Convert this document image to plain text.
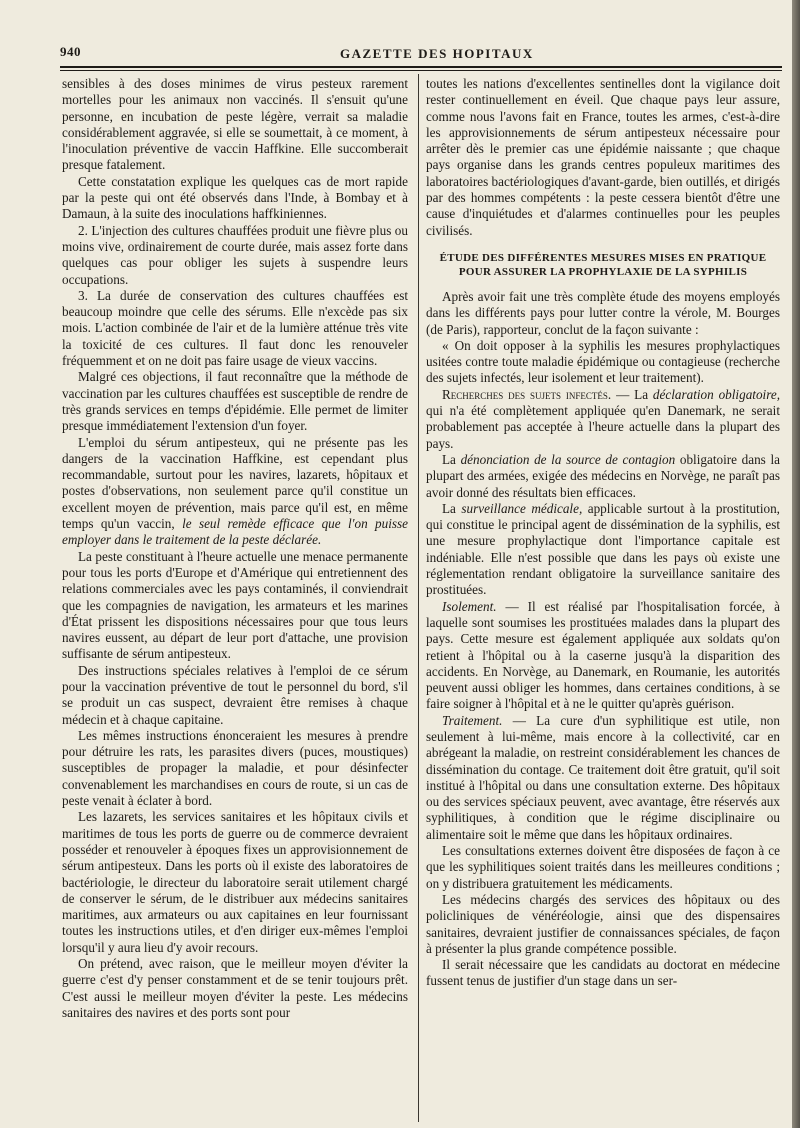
940	GAZETTE DES HOPITAUX

sensibles à des doses minimes de virus pesteux rarement mortelles pour les animaux non vaccinés. Il s'ensuit qu'une personne, en incubation de peste légère, verrait sa maladie considérablement aggravée, si elle se soumettait, à ce moment, à l'inoculation préventive de vaccin Haffkine. Elle succomberait presque fatalement.

Cette constatation explique les quelques cas de mort rapide par la peste qui ont été observés dans l'Inde, à Bombay et à Damaun, à la suite des inoculations haffkiniennes.

2. L'injection des cultures chauffées produit une fièvre plus ou moins vive, ordinairement de courte durée, mais assez forte dans quelques cas pour obliger les sujets à suspendre leurs occupations.

3. La durée de conservation des cultures chauffées est beaucoup moindre que celle des sérums. Elle n'excède pas six mois. L'action combinée de l'air et de la lumière atténue très vite la toxicité de ces cultures. Il faut donc les renouveler fréquemment et on ne doit pas faire usage de vieux vaccins.

Malgré ces objections, il faut reconnaître que la méthode de vaccination par les cultures chauffées est susceptible de rendre de très grands services en temps d'épidémie. Elle permet de limiter presque immédiatement l'extension d'un foyer.

L'emploi du sérum antipesteux, qui ne présente pas les dangers de la vaccination Haffkine, est cependant plus recommandable, surtout pour les navires, lazarets, hôpitaux et postes d'observations, non seulement parce qu'il constitue un excellent moyen de prévention, mais parce qu'il est, en même temps qu'un vaccin, le seul remède efficace que l'on puisse employer dans le traitement de la peste déclarée.

La peste constituant à l'heure actuelle une menace permanente pour tous les ports d'Europe et d'Amérique qui entretiennent des relations commerciales avec les pays contaminés, il conviendrait que les compagnies de navigation, les armateurs et les marines d'État prissent les dispositions nécessaires pour que tous leurs navires eussent, au départ de leur port d'attache, une provision suffisante de sérum antipesteux.

Des instructions spéciales relatives à l'emploi de ce sérum pour la vaccination préventive de tout le personnel du bord, s'il se produit un cas suspect, devraient être remises à chaque médecin et à chaque capitaine.

Les mêmes instructions énonceraient les mesures à prendre pour détruire les rats, les parasites divers (puces, moustiques) susceptibles de propager la maladie, et pour désinfecter convenablement les marchandises en cours de route, si un cas de peste venait à éclater à bord.

Les lazarets, les services sanitaires et les hôpitaux civils et maritimes de tous les ports de guerre ou de commerce devraient posséder et renouveler à époques fixes un approvisionnement de sérum antipesteux. Dans les ports où il existe des laboratoires de bactériologie, le directeur du laboratoire serait utilement chargé de conserver le sérum, de le distribuer aux médecins sanitaires maritimes, aux armateurs ou aux capitaines en leur fournissant toutes les instructions utiles, et d'en diriger eux-mêmes l'emploi lorsqu'il y aura lieu d'y avoir recours.

On prétend, avec raison, que le meilleur moyen d'éviter la guerre c'est d'y penser constamment et de se tenir toujours prêt. C'est aussi le meilleur moyen d'éviter la peste. Les médecins sanitaires des navires et des ports sont pour

toutes les nations d'excellentes sentinelles dont la vigilance doit rester continuellement en éveil. Que chaque pays leur assure, comme nous l'avons fait en France, toutes les armes, c'est-à-dire les approvisionnements de sérum antipesteux nécessaire pour arrêter dès le premier cas une épidémie naissante ; que chaque pays organise dans les grands centres populeux maritimes des laboratoires bactériologiques d'avant-garde, bien outillés, et dirigés par des hommes compétents : la peste cessera bientôt d'être une cause d'inquiétudes et d'alarmes continuelles pour les peuples civilisés.

ÉTUDE DES DIFFÉRENTES MESURES MISES EN PRATIQUE POUR ASSURER LA PROPHYLAXIE DE LA SYPHILIS

Après avoir fait une très complète étude des moyens employés dans les différents pays pour lutter contre la vérole, M. Bourges (de Paris), rapporteur, conclut de la façon suivante :

« On doit opposer à la syphilis les mesures prophylactiques usitées contre toute maladie épidémique ou contagieuse (recherche des sujets infectés, leur isolement et leur traitement).

Recherches des sujets infectés. — La déclaration obligatoire, qui n'a été complètement appliquée qu'en Danemark, ne serait probablement pas acceptée à l'heure actuelle dans la plupart des pays.

La dénonciation de la source de contagion obligatoire dans la plupart des armées, exigée des médecins en Norvège, ne paraît pas avoir donné des résultats bien efficaces.

La surveillance médicale, applicable surtout à la prostitution, qui constitue le principal agent de dissémination de la syphilis, est une mesure prophylactique dont l'importance capitale est indéniable. Elle n'est possible que dans les pays où existe une réglementation rendant obligatoire la surveillance sanitaire des prostituées.

Isolement. — Il est réalisé par l'hospitalisation forcée, à laquelle sont soumises les prostituées malades dans la plupart des pays. Cette mesure est également appliquée aux soldats qu'on retient à l'hôpital ou à la caserne jusqu'à la disparition des accidents. En Norvège, au Danemark, en Roumanie, les autorités peuvent aussi obliger les hommes, dans certaines conditions, à se faire soigner à l'hôpital et à ne le quitter qu'après guérison.

Traitement. — La cure d'un syphilitique est utile, non seulement à lui-même, mais encore à la collectivité, car en abrégeant la maladie, on restreint considérablement les chances de dissémination du contage. Ce traitement doit être gratuit, qu'il soit institué à l'hôpital ou dans une consultation externe. Des hôpitaux ou des services spéciaux peuvent, avec avantage, être réservés aux syphilitiques, à condition que le régime disciplinaire ou alimentaire soit le même que dans les hôpitaux ordinaires.

Les consultations externes doivent être disposées de façon à ce que les syphilitiques soient traités dans les meilleures conditions ; on y distribuera gratuitement les médicaments.

Les médecins chargés des services des hôpitaux ou des policliniques de vénéréologie, ainsi que des dispensaires sanitaires, devraient justifier de connaissances spéciales, de façon à présenter la plus grande compétence possible.

Il serait nécessaire que les candidats au doctorat en médecine fussent tenus de justifier d'un stage dans un ser-
